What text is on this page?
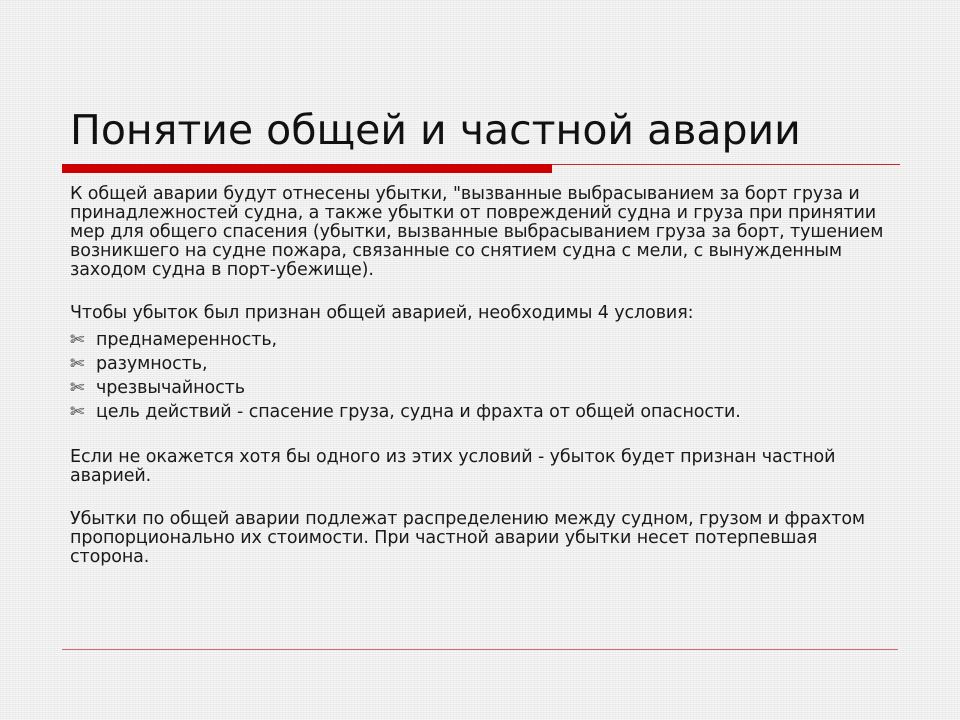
Понятие общей и частной аварии

К общей аварии будут отнесены убытки, "вызванные выбрасыванием за борт груза и принадлежностей судна, а также убытки от повреждений судна и груза при принятии мер для общего спасения (убытки, вызванные выбрасыванием груза за борт, тушением возникшего на судне пожара, связанные со снятием судна с мели, с вынужденным заходом судна в порт-убежище).

Чтобы убыток был признан общей аварией, необходимы 4 условия:

✄ преднамеренность,
✄ разумность,
✄ чрезвычайность
✄ цель действий - спасение груза, судна и фрахта от общей опасности.

Если не окажется хотя бы одного из этих условий - убыток будет признан частной аварией.

Убытки по общей аварии подлежат распределению между судном, грузом и фрахтом пропорционально их стоимости. При частной аварии убытки несет потерпевшая сторона.
